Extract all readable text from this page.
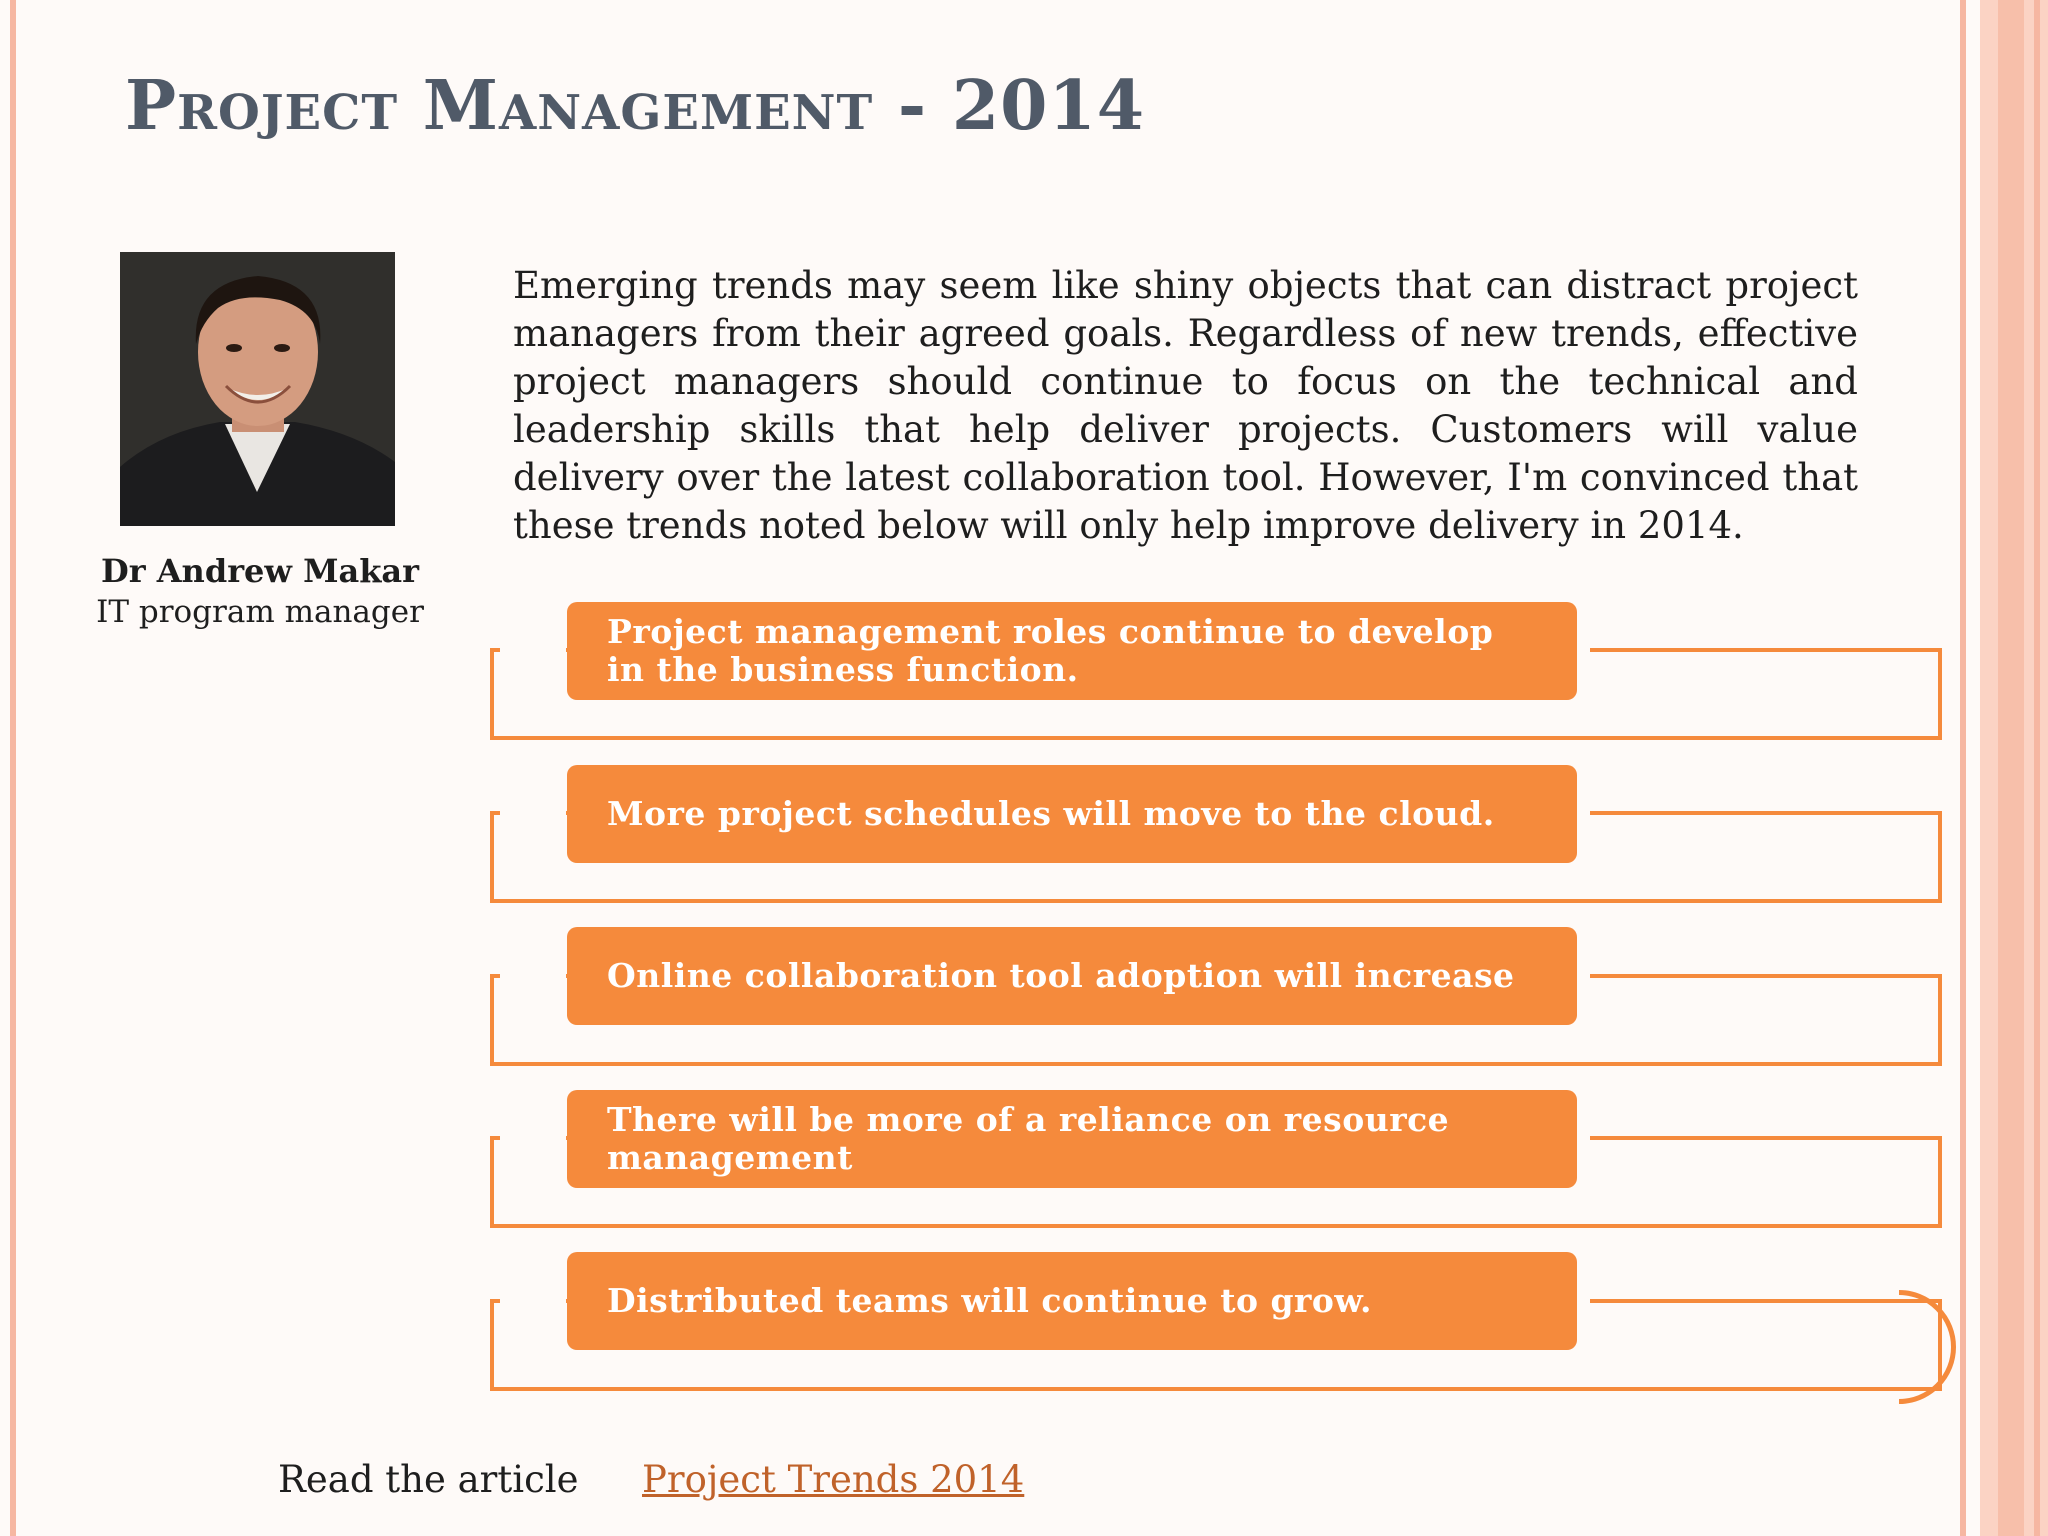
Project Management - 2014
Dr Andrew Makar
IT program manager

Emerging trends may seem like shiny objects that can distract project managers from their agreed goals. Regardless of new trends, effective project managers should continue to focus on the technical and leadership skills that help deliver projects. Customers will value delivery over the latest collaboration tool. However, I'm convinced that these trends noted below will only help improve delivery in 2014.

Project management roles continue to develop in the business function.
More project schedules will move to the cloud.
Online collaboration tool adoption will increase
There will be more of a reliance on resource management
Distributed teams will continue to grow.
Read the article Project Trends 2014
